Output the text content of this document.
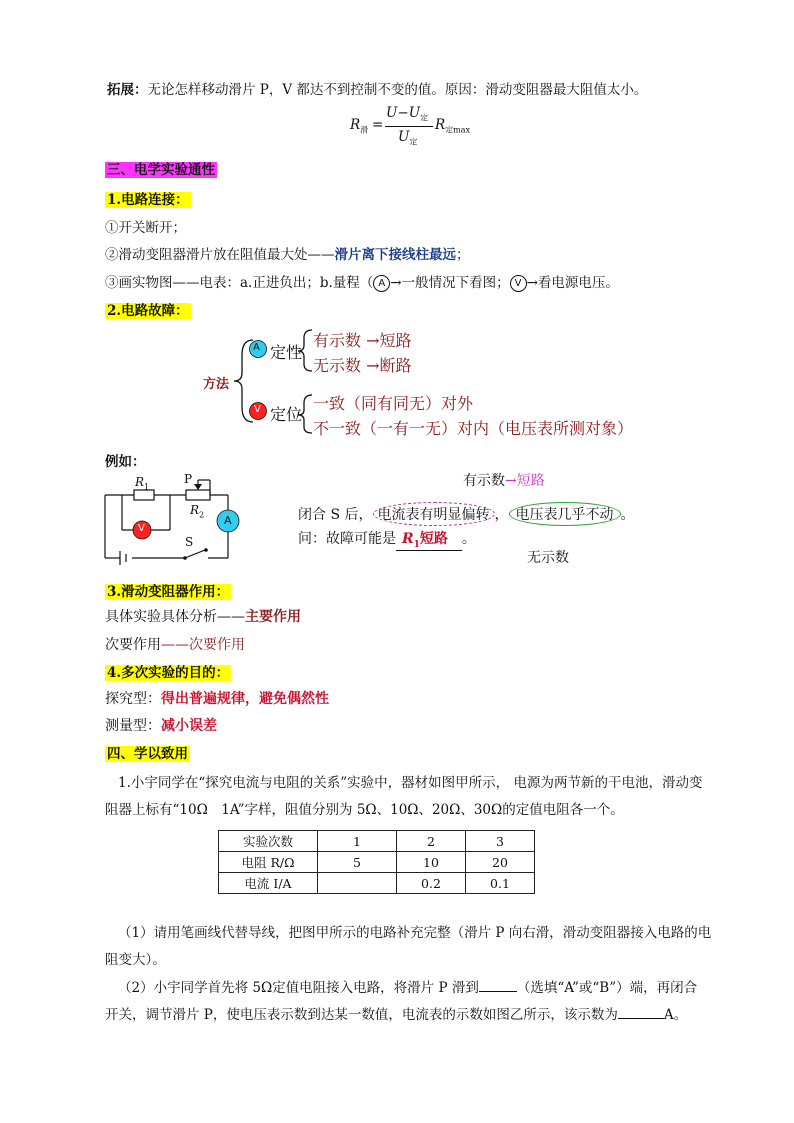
拓展：无论怎样移动滑片 P，V 都达不到控制不变的值。原因：滑动变阻器最大阻值太小。
$R_滑$ =
$U-U_定$
$U_定$
$R_{定max}$
三、电学实验通性
1.电路连接：
①开关断开；
②滑动变阻器滑片放在阻值最大处——滑片离下接线柱最远；
③画实物图——电表：a.正进负出；b.量程（ A →一般情况下看图； V →看电源电压。
2.电路故障：
方法
A 定性
有示数 →短路
无示数 →断路
V 定位
一致（同有同无）对外
不一致（一有一无）对内（电压表所测对象）
例如：
$R_1$
P
$R_2$
V
A
S
有示数→短路
闭合 S 后， 电流表有明显偏转 ， 电压表几乎不动 。
问：故障可能是 $R_1$短路 。
无示数
3.滑动变阻器作用：
具体实验具体分析——主要作用
次要作用——次要作用
4.多次实验的目的：
探究型：得出普遍规律，避免偶然性
测量型：减小误差
四、学以致用
1.小宇同学在“探究电流与电阻的关系”实验中，器材如图甲所示， 电源为两节新的干电池，滑动变
阻器上标有“10Ω　1A”字样，阻值分别为 5Ω、10Ω、20Ω、30Ω的定值电阻各一个。
实验次数	1	2	3
电阻 R/Ω	5	10	20
电流 I/A		0.2	0.1
（1）请用笔画线代替导线，把图甲所示的电路补充完整（滑片 P 向右滑，滑动变阻器接入电路的电
阻变大）。
（2）小宇同学首先将 5Ω定值电阻接入电路，将滑片 P 滑到	（选填“A”或“B”）端，再闭合
开关，调节滑片 P，使电压表示数到达某一数值，电流表的示数如图乙所示，该示数为	A。
